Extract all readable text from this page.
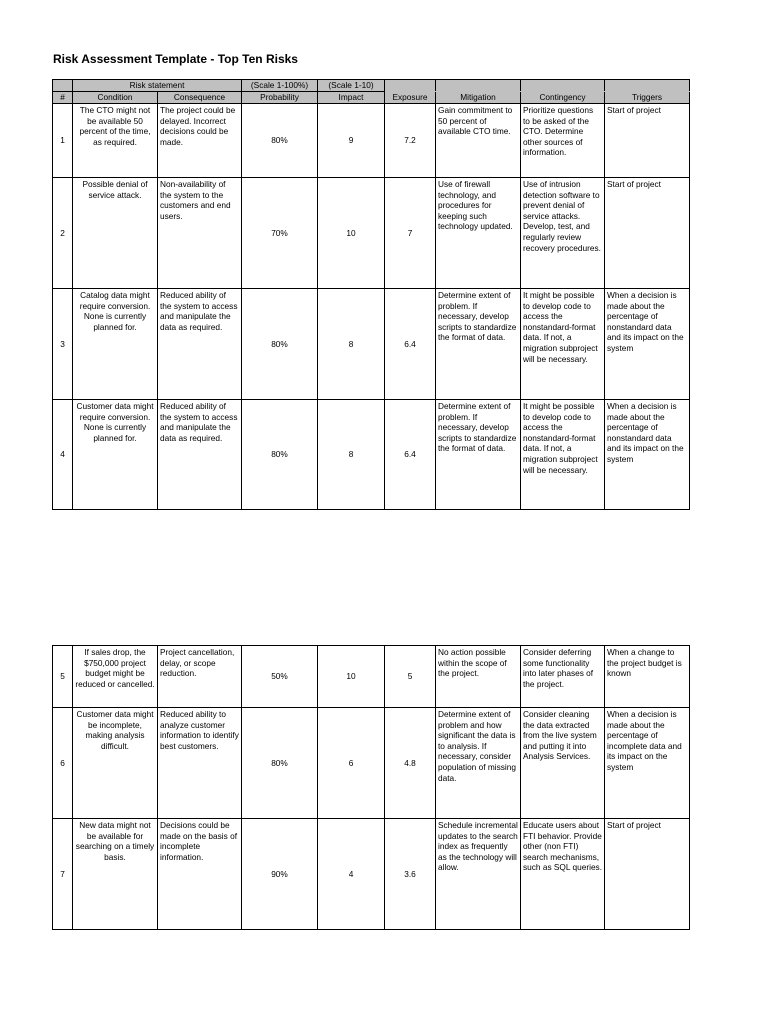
Risk Assessment Template - Top Ten Risks
	Risk statement		(Scale 1-100%)	(Scale 1-10)				
#	Condition	Consequence	Probability	Impact	Exposure	Mitigation	Contingency	Triggers
1	The CTO might not be available 50 percent of the time, as required.	The project could be delayed. Incorrect decisions could be made.	80%	9	7.2	Gain commitment to 50 percent of available CTO time.	Prioritize questions to be asked of the CTO. Determine other sources of information.	Start of project
2	Possible denial of service attack.	Non-availability of the system to the customers and end users.	70%	10	7	Use of firewall technology, and procedures for keeping such technology updated.	Use of intrusion detection software to prevent denial of service attacks. Develop, test, and regularly review recovery procedures.	Start of project
3	Catalog data might require conversion. None is currently planned for.	Reduced ability of the system to access and manipulate the data as required.	80%	8	6.4	Determine extent of problem. If necessary, develop scripts to standardize the format of data.	It might be possible to develop code to access the nonstandard-format data. If not, a migration subproject will be necessary.	When a decision is made about the percentage of nonstandard data and its impact on the system
4	Customer data might require conversion. None is currently planned for.	Reduced ability of the system to access and manipulate the data as required.	80%	8	6.4	Determine extent of problem. If necessary, develop scripts to standardize the format of data.	It might be possible to develop code to access the nonstandard-format data. If not, a migration subproject will be necessary.	When a decision is made about the percentage of nonstandard data and its impact on the system
5	If sales drop, the $750,000 project budget might be reduced or cancelled.	Project cancellation, delay, or scope reduction.	50%	10	5	No action possible within the scope of the project.	Consider deferring some functionality into later phases of the project.	When a change to the project budget is known
6	Customer data might be incomplete, making analysis difficult.	Reduced ability to analyze customer information to identify best customers.	80%	6	4.8	Determine extent of problem and how significant the data is to analysis. If necessary, consider population of missing data.	Consider cleaning the data extracted from the live system and putting it into Analysis Services.	When a decision is made about the percentage of incomplete data and its impact on the system
7	New data might not be available for searching on a timely basis.	Decisions could be made on the basis of incomplete information.	90%	4	3.6	Schedule incremental updates to the search index as frequently as the technology will allow.	Educate users about FTI behavior. Provide other (non FTI) search mechanisms, such as SQL queries.	Start of project
